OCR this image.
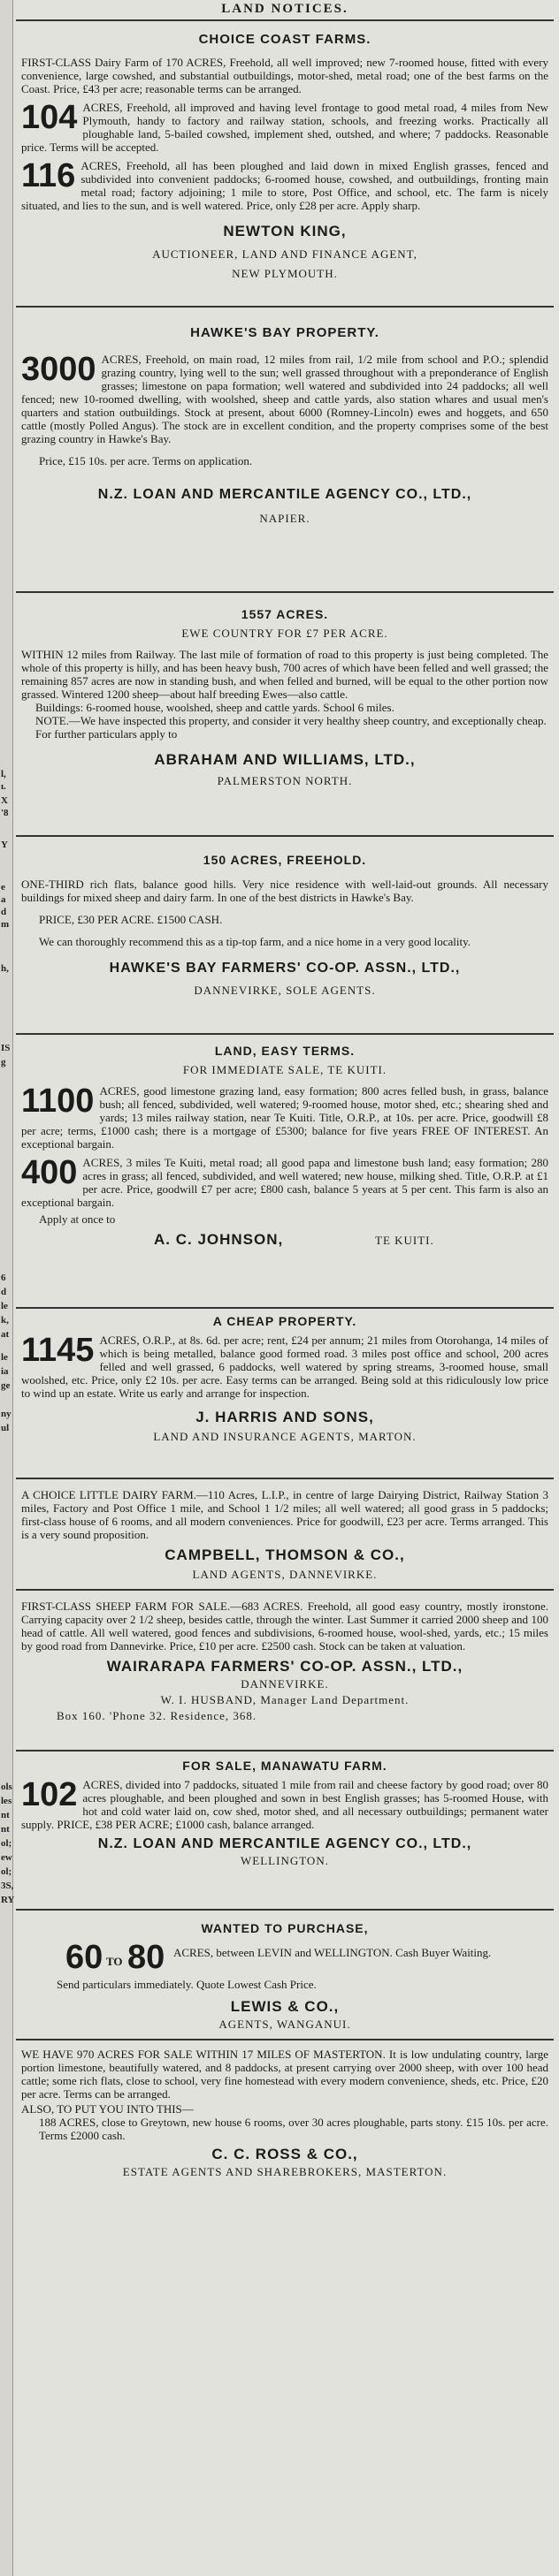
l,
ı.
X
'8
Y
e
a
d
m
h,
IS
g
6
d
le
k,
at
le
ia
ge
ny
ul
ols
les
nt
nt
ol;
ew
ol;
3S,
RY
LAND NOTICES.
CHOICE COAST FARMS.

FIRST-CLASS Dairy Farm of 170 ACRES, Freehold, all well improved; new 7-roomed house, fitted with every convenience, large cowshed, and substantial outbuildings, motor-shed, metal road; one of the best farms on the Coast. Price, £43 per acre; reasonable terms can be arranged.

104 ACRES, Freehold, all improved and having level frontage to good metal road, 4 miles from New Plymouth, handy to factory and railway station, schools, and freezing works. Practically all ploughable land, 5-bailed cowshed, implement shed, outshed, and where; 7 paddocks. Reasonable price. Terms will be accepted.

116 ACRES, Freehold, all has been ploughed and laid down in mixed English grasses, fenced and subdivided into convenient paddocks; 6-roomed house, cowshed, and outbuildings, fronting main metal road; factory adjoining; 1 mile to store, Post Office, and school, etc. The farm is nicely situated, and lies to the sun, and is well watered. Price, only £28 per acre. Apply sharp.

NEWTON KING,
AUCTIONEER, LAND AND FINANCE AGENT,
NEW PLYMOUTH.
HAWKE'S BAY PROPERTY.
3000 ACRES, Freehold, on main road, 12 miles from rail, 1/2 mile from school and P.O.; splendid grazing country, lying well to the sun; well grassed throughout with a preponderance of English grasses; limestone on papa formation; well watered and subdivided into 24 paddocks; all well fenced; new 10-roomed dwelling, with woolshed, sheep and cattle yards, also station whares and usual men's quarters and station outbuildings. Stock at present, about 6000 (Romney-Lincoln) ewes and hoggets, and 650 cattle (mostly Polled Angus). The stock are in excellent condition, and the property comprises some of the best grazing country in Hawke's Bay.

Price, £15 10s. per acre. Terms on application.

N.Z. LOAN AND MERCANTILE AGENCY CO., LTD.,
NAPIER.
1557 ACRES.
EWE COUNTRY FOR £7 PER ACRE.

WITHIN 12 miles from Railway. The last mile of formation of road to this property is just being completed. The whole of this property is hilly, and has been heavy bush, 700 acres of which have been felled and well grassed; the remaining 857 acres are now in standing bush, and when felled and burned, will be equal to the other portion now grassed. Wintered 1200 sheep—about half breeding Ewes—also cattle.

Buildings: 6-roomed house, woolshed, sheep and cattle yards. School 6 miles.

NOTE.—We have inspected this property, and consider it very healthy sheep country, and exceptionally cheap.

For further particulars apply to

ABRAHAM AND WILLIAMS, LTD.,
PALMERSTON NORTH.
150 ACRES, FREEHOLD.

ONE-THIRD rich flats, balance good hills. Very nice residence with well-laid-out grounds. All necessary buildings for mixed sheep and dairy farm. In one of the best districts in Hawke's Bay.

PRICE, £30 PER ACRE. £1500 CASH.

We can thoroughly recommend this as a tip-top farm, and a nice home in a very good locality.

HAWKE'S BAY FARMERS' CO-OP. ASSN., LTD.,
DANNEVIRKE, SOLE AGENTS.
LAND, EASY TERMS.
FOR IMMEDIATE SALE, TE KUITI.
1100 ACRES, good limestone grazing land, easy formation; 800 acres felled bush, in grass, balance bush; all fenced, subdivided, well watered; 9-roomed house, motor shed, etc.; shearing shed and yards; 13 miles railway station, near Te Kuiti. Title, O.R.P., at 10s. per acre. Price, goodwill £8 per acre; terms, £1000 cash; there is a mortgage of £5300; balance for five years FREE OF INTEREST. An exceptional bargain.

400 ACRES, 3 miles Te Kuiti, metal road; all good papa and limestone bush land; easy formation; 280 acres in grass; all fenced, subdivided, and well watered; new house, milking shed. Title, O.R.P. at £1 per acre. Price, goodwill £7 per acre; £800 cash, balance 5 years at 5 per cent. This farm is also an exceptional bargain.

Apply at once to

A. C. JOHNSON,	TE KUITI.
A CHEAP PROPERTY.
1145 ACRES, O.R.P., at 8s. 6d. per acre; rent, £24 per annum; 21 miles from Otorohanga, 14 miles of which is being metalled, balance good formed road. 3 miles post office and school, 200 acres felled and well grassed, 6 paddocks, well watered by spring streams, 3-roomed house, small woolshed, etc. Price, only £2 10s. per acre. Easy terms can be arranged. Being sold at this ridiculously low price to wind up an estate. Write us early and arrange for inspection.

J. HARRIS AND SONS,
LAND AND INSURANCE AGENTS, MARTON.

A CHOICE LITTLE DAIRY FARM.—110 Acres, L.I.P., in centre of large Dairying District, Railway Station 3 miles, Factory and Post Office 1 mile, and School 1 1/2 miles; all well watered; all good grass in 5 paddocks; first-class house of 6 rooms, and all modern conveniences. Price for goodwill, £23 per acre. Terms arranged. This is a very sound proposition.

CAMPBELL, THOMSON & CO.,
LAND AGENTS, DANNEVIRKE.

FIRST-CLASS SHEEP FARM FOR SALE.—683 ACRES. Freehold, all good easy country, mostly ironstone. Carrying capacity over 2 1/2 sheep, besides cattle, through the winter. Last Summer it carried 2000 sheep and 100 head of cattle. All well watered, good fences and subdivisions, 6-roomed house, wool-shed, yards, etc.; 15 miles by good road from Dannevirke. Price, £10 per acre. £2500 cash. Stock can be taken at valuation.

WAIRARAPA FARMERS' CO-OP. ASSN., LTD.,
DANNEVIRKE.
W. I. HUSBAND, Manager Land Department.
Box 160. 'Phone 32. Residence, 368.
FOR SALE, MANAWATU FARM.
102 ACRES, divided into 7 paddocks, situated 1 mile from rail and cheese factory by good road; over 80 acres ploughable, and been ploughed and sown in best English grasses; has 5-roomed House, with hot and cold water laid on, cow shed, motor shed, and all necessary outbuildings; permanent water supply. PRICE, £38 PER ACRE; £1000 cash, balance arranged.

N.Z. LOAN AND MERCANTILE AGENCY CO., LTD.,
WELLINGTON.
WANTED TO PURCHASE,
60 TO 80 ACRES, between LEVIN and WELLINGTON. Cash Buyer Waiting.

Send particulars immediately. Quote Lowest Cash Price.

LEWIS & CO.,
AGENTS, WANGANUI.

WE HAVE 970 ACRES FOR SALE WITHIN 17 MILES OF MASTERTON. It is low undulating country, large portion limestone, beautifully watered, and 8 paddocks, at present carrying over 2000 sheep, with over 100 head cattle; some rich flats, close to school, very fine homestead with every modern convenience, sheds, etc. Price, £20 per acre. Terms can be arranged.

ALSO, TO PUT YOU INTO THIS—

188 ACRES, close to Greytown, new house 6 rooms, over 30 acres ploughable, parts stony. £15 10s. per acre. Terms £2000 cash.

C. C. ROSS & CO.,
ESTATE AGENTS AND SHAREBROKERS, MASTERTON.
